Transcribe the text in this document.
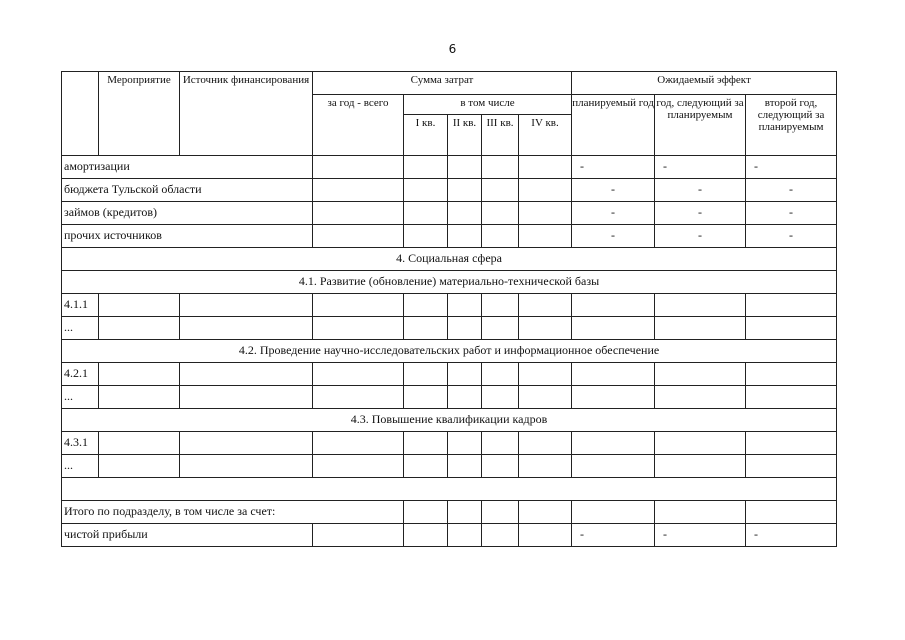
6
	Мероприятие	Источник финансирования	Сумма затрат					Ожидаемый эффект		
			за год - всего	в том числе				планируемый год	год, следующий за планируемым	второй год, следующий за планируемым
				I кв.	II кв.	III кв.	IV кв.			
амортизации								-	-	-
бюджета Тульской области								-	-	-
займов (кредитов)								-	-	-
прочих источников								-	-	-
4. Социальная сфера										
4.1. Развитие (обновление) материально-технической базы										
4.1.1										
...										
4.2. Проведение научно-исследовательских работ и информационное обеспечение										
4.2.1										
...										
4.3. Повышение квалификации кадров										
4.3.1										
...										

Итого по подразделу, в том числе за счет:										
чистой прибыли								-	-	-
